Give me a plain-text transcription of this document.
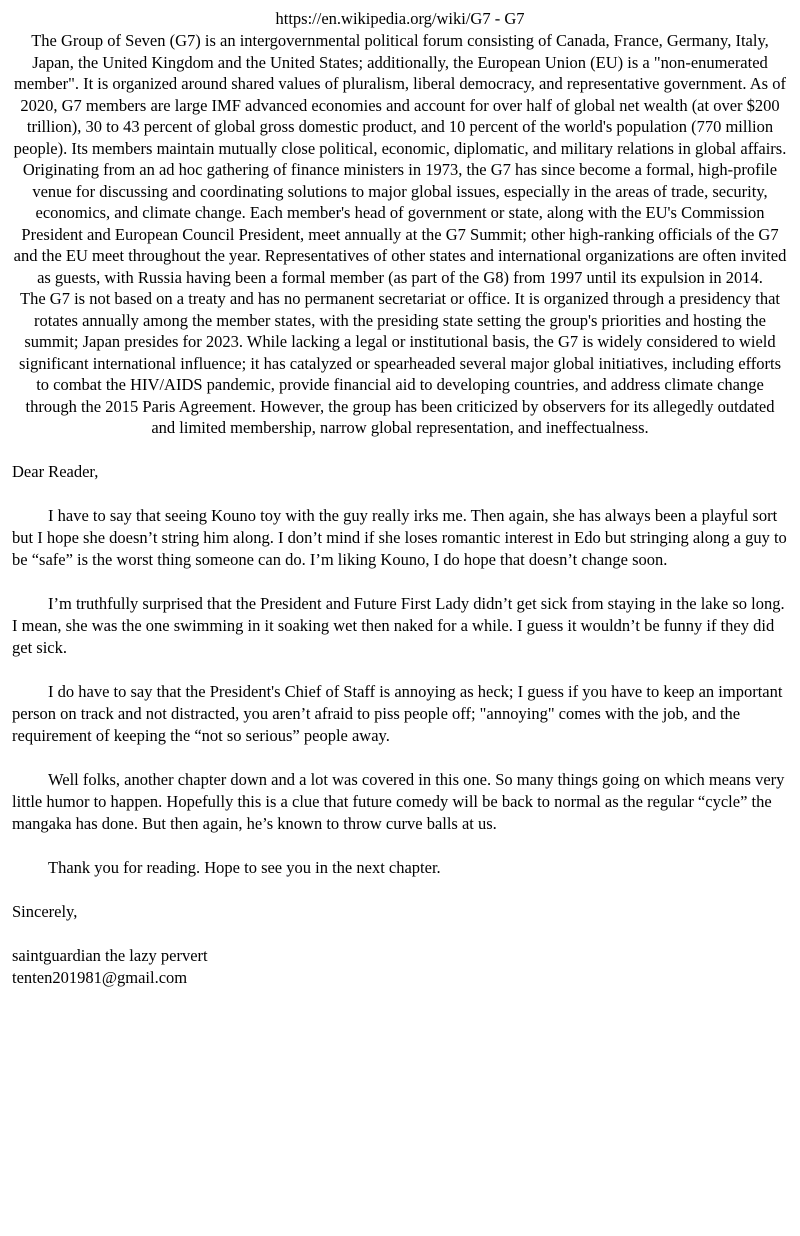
https://en.wikipedia.org/wiki/G7 - G7

The Group of Seven (G7) is an intergovernmental political forum consisting of Canada, France, Germany, Italy, Japan, the United Kingdom and the United States; additionally, the European Union (EU) is a "non-enumerated member". It is organized around shared values of pluralism, liberal democracy, and representative government. As of 2020, G7 members are large IMF advanced economies and account for over half of global net wealth (at over $200 trillion), 30 to 43 percent of global gross domestic product, and 10 percent of the world's population (770 million people). Its members maintain mutually close political, economic, diplomatic, and military relations in global affairs.

Originating from an ad hoc gathering of finance ministers in 1973, the G7 has since become a formal, high-profile venue for discussing and coordinating solutions to major global issues, especially in the areas of trade, security, economics, and climate change. Each member's head of government or state, along with the EU's Commission President and European Council President, meet annually at the G7 Summit; other high-ranking officials of the G7 and the EU meet throughout the year. Representatives of other states and international organizations are often invited as guests, with Russia having been a formal member (as part of the G8) from 1997 until its expulsion in 2014.

The G7 is not based on a treaty and has no permanent secretariat or office. It is organized through a presidency that rotates annually among the member states, with the presiding state setting the group's priorities and hosting the summit; Japan presides for 2023. While lacking a legal or institutional basis, the G7 is widely considered to wield significant international influence; it has catalyzed or spearheaded several major global initiatives, including efforts to combat the HIV/AIDS pandemic, provide financial aid to developing countries, and address climate change through the 2015 Paris Agreement. However, the group has been criticized by observers for its allegedly outdated and limited membership, narrow global representation, and ineffectualness.

Dear Reader,

I have to say that seeing Kouno toy with the guy really irks me. Then again, she has always been a playful sort but I hope she doesn’t string him along. I don’t mind if she loses romantic interest in Edo but stringing along a guy to be “safe” is the worst thing someone can do. I’m liking Kouno, I do hope that doesn’t change soon.

I’m truthfully surprised that the President and Future First Lady didn’t get sick from staying in the lake so long. I mean, she was the one swimming in it soaking wet then naked for a while. I guess it wouldn’t be funny if they did get sick.

I do have to say that the President's Chief of Staff is annoying as heck; I guess if you have to keep an important person on track and not distracted, you aren’t afraid to piss people off; "annoying" comes with the job, and the requirement of keeping the “not so serious” people away.

Well folks, another chapter down and a lot was covered in this one. So many things going on which means very little humor to happen. Hopefully this is a clue that future comedy will be back to normal as the regular “cycle” the mangaka has done. But then again, he’s known to throw curve balls at us.

Thank you for reading. Hope to see you in the next chapter.

Sincerely,

saintguardian the lazy pervert

tenten201981@gmail.com
